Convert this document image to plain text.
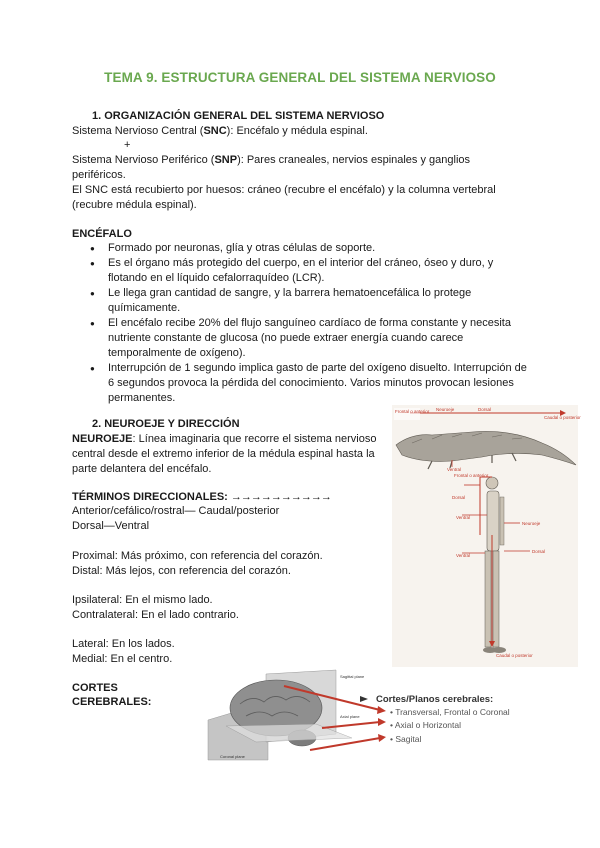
TEMA 9. ESTRUCTURA GENERAL DEL SISTEMA NERVIOSO
1. ORGANIZACIÓN GENERAL DEL SISTEMA NERVIOSO
Sistema Nervioso Central (SNC): Encéfalo y médula espinal.
+
Sistema Nervioso Periférico (SNP): Pares craneales, nervios espinales y ganglios
periféricos.
El SNC está recubierto por huesos: cráneo (recubre el encéfalo) y la columna vertebral
(recubre médula espinal).
ENCÉFALO
● Formado por neuronas, glía y otras células de soporte.
● Es el órgano más protegido del cuerpo, en el interior del cráneo, óseo y duro, y flotando en el líquido cefalorraquídeo (LCR).
● Le llega gran cantidad de sangre, y la barrera hematoencefálica lo protege químicamente.
● El encéfalo recibe 20% del flujo sanguíneo cardíaco de forma constante y necesita nutriente constante de glucosa (no puede extraer energía cuando carece temporalmente de oxígeno).
● Interrupción de 1 segundo implica gasto de parte del oxígeno disuelto. Interrupción de 6 segundos provoca la pérdida del conocimiento. Varios minutos provocan lesiones permanentes.
2. NEUROEJE Y DIRECCIÓN
NEUROEJE: Línea imaginaria que recorre el sistema nervioso
central desde el extremo inferior de la médula espinal hasta la
parte delantera del encéfalo.
TÉRMINOS DIRECCIONALES: →→→→→→→→→→
Anterior/cefálico/rostral— Caudal/posterior
Dorsal—Ventral
Proximal: Más próximo, con referencia del corazón.
Distal: Más lejos, con referencia del corazón.
Ipsilateral: En el mismo lado.
Contralateral: En el lado contrario.
Lateral: En los lados.
Medial: En el centro.
CORTES
CEREBRALES:
Frontal o anterior Neuroeje	Dorsal
Caudal o posterior
Ventral
Frontal o anterior
Dorsal
Ventral
Neuroeje
Ventral
Dorsal
Caudal o posterior
Sagittal plane
Axial plane
Coronal plane
Cortes/Planos cerebrales:
• Transversal, Frontal o Coronal
• Axial o Horizontal
• Sagital
